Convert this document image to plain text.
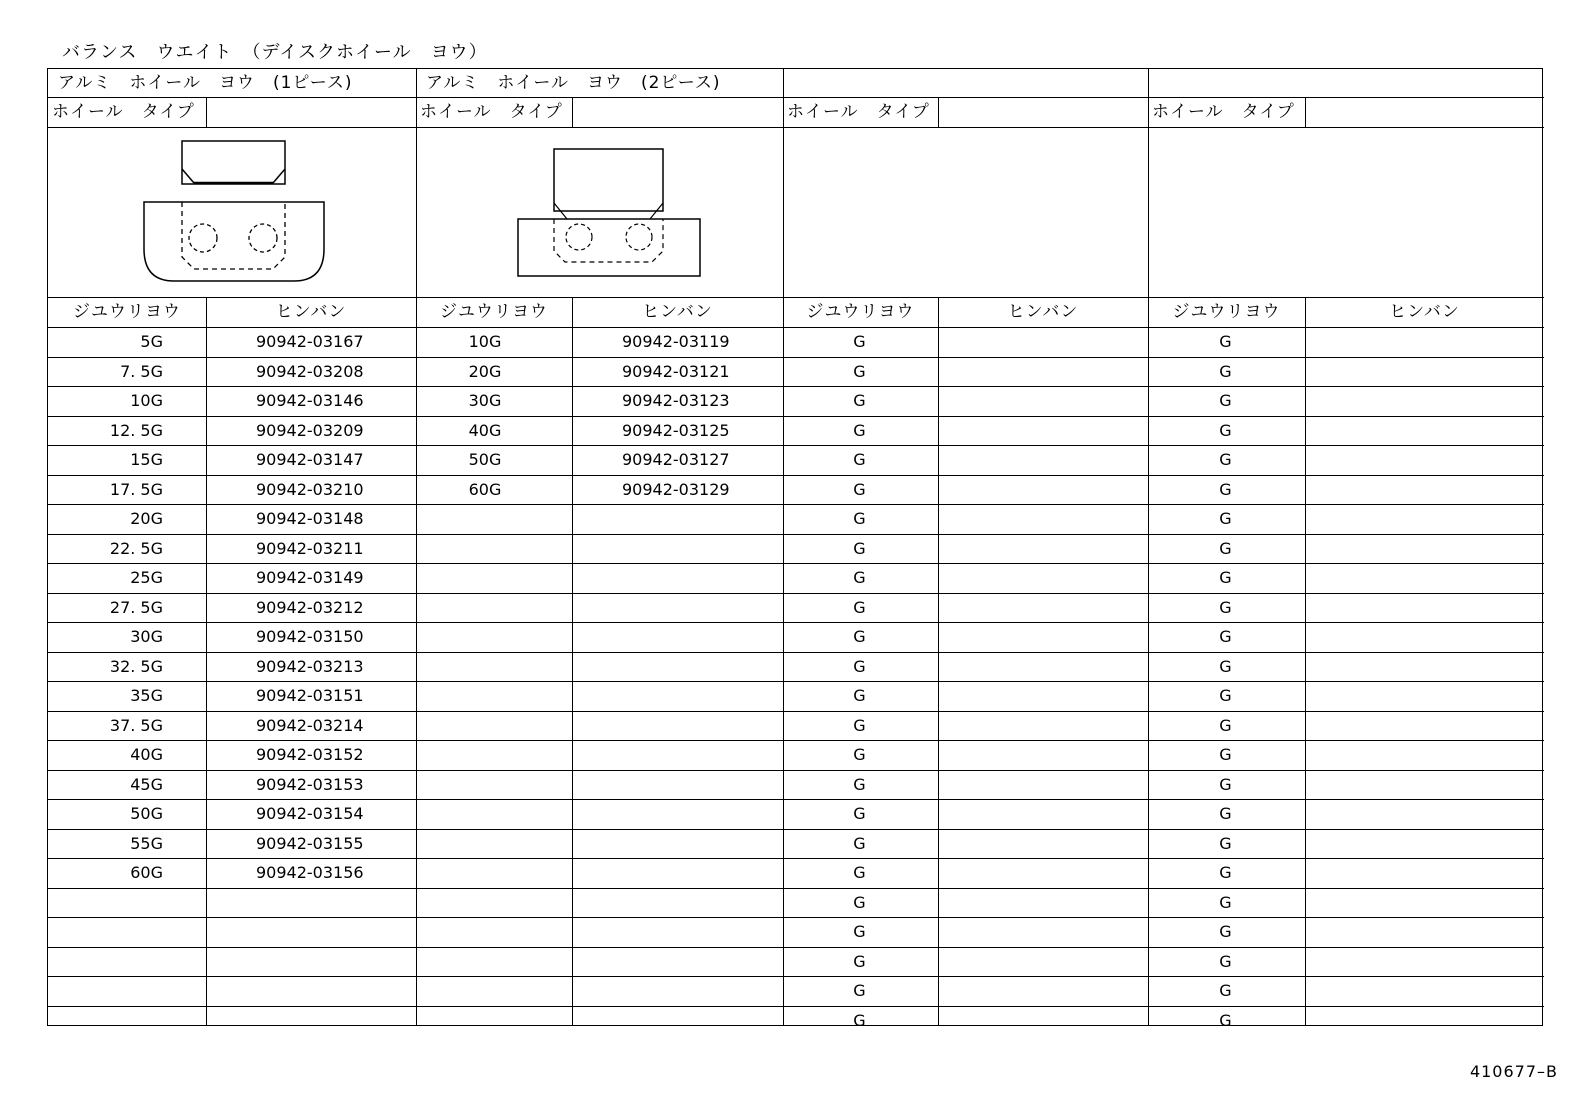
バランス　ウエイト　（デイスクホイール　ヨウ）
アルミ　ホイール　ヨウ　(1ピース)
ホイール　タイプ
ジユウリヨウ	ヒンバン
5G	90942-03167
7. 5G	90942-03208
10G	90942-03146
12. 5G	90942-03209
15G	90942-03147
17. 5G	90942-03210
20G	90942-03148
22. 5G	90942-03211
25G	90942-03149
27. 5G	90942-03212
30G	90942-03150
32. 5G	90942-03213
35G	90942-03151
37. 5G	90942-03214
40G	90942-03152
45G	90942-03153
50G	90942-03154
55G	90942-03155
60G	90942-03156
アルミ　ホイール　ヨウ　(2ピース)
ホイール　タイプ
ジユウリヨウ	ヒンバン
10G	90942-03119
20G	90942-03121
30G	90942-03123
40G	90942-03125
50G	90942-03127
60G	90942-03129
ホイール　タイプ
ジユウリヨウ	ヒンバン
G
G
G
G
G
G
G
G
G
G
G
G
G
G
G
G
G
G
G
G
G
G
G
G
ホイール　タイプ
ジユウリヨウ	ヒンバン
G
G
G
G
G
G
G
G
G
G
G
G
G
G
G
G
G
G
G
G
G
G
G
G
410677–B
